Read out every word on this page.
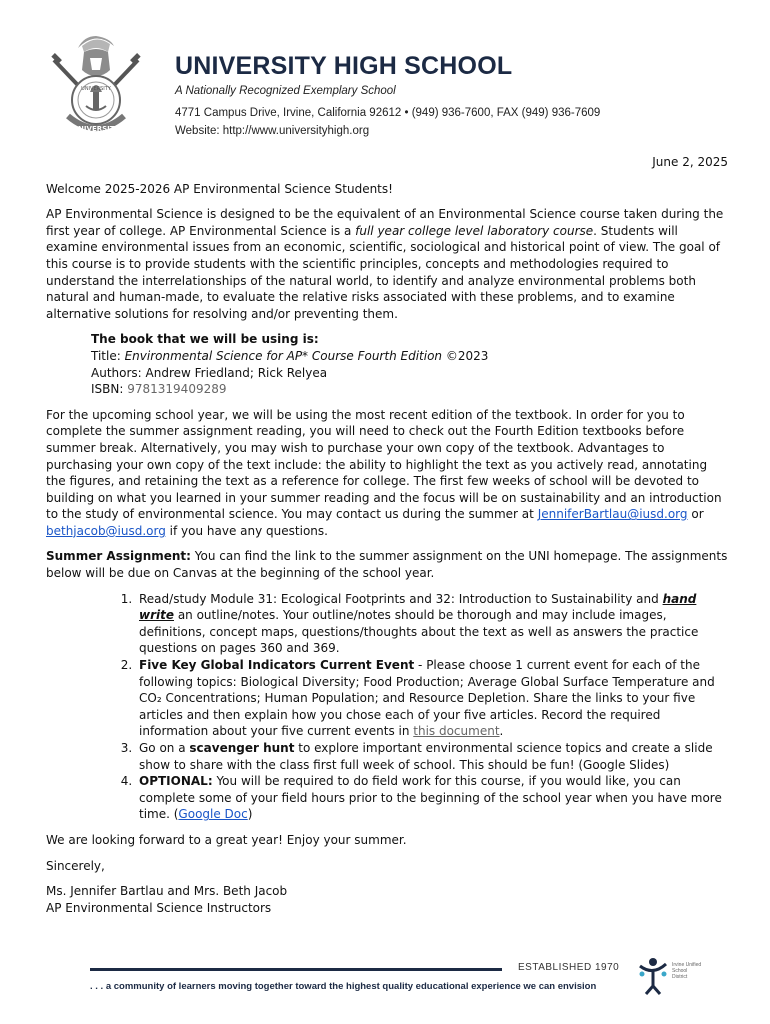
UNIVERSITY
UNIVERSITY
UNIVERSITY HIGH SCHOOL
A Nationally Recognized Exemplary School
4771 Campus Drive, Irvine, California 92612 • (949) 936-7600, FAX (949) 936-7609
Website: http://www.universityhigh.org
June 2, 2025

Welcome 2025-2026 AP Environmental Science Students!

AP Environmental Science is designed to be the equivalent of an Environmental Science course taken during the first year of college. AP Environmental Science is a full year college level laboratory course. Students will examine environmental issues from an economic, scientific, sociological and historical point of view. The goal of this course is to provide students with the scientific principles, concepts and methodologies required to understand the interrelationships of the natural world, to identify and analyze environmental problems both natural and human-made, to evaluate the relative risks associated with these problems, and to examine alternative solutions for resolving and/or preventing them.

The book that we will be using is:
Title: Environmental Science for AP* Course Fourth Edition ©2023
Authors: Andrew Friedland; Rick Relyea
ISBN: 9781319409289

For the upcoming school year, we will be using the most recent edition of the textbook. In order for you to complete the summer assignment reading, you will need to check out the Fourth Edition textbooks before summer break. Alternatively, you may wish to purchase your own copy of the textbook. Advantages to purchasing your own copy of the text include: the ability to highlight the text as you actively read, annotating the figures, and retaining the text as a reference for college. The first few weeks of school will be devoted to building on what you learned in your summer reading and the focus will be on sustainability and an introduction to the study of environmental science. You may contact us during the summer at JenniferBartlau@iusd.org or bethjacob@iusd.org if you have any questions.

Summer Assignment: You can find the link to the summer assignment on the UNI homepage. The assignments below will be due on Canvas at the beginning of the school year.

1. Read/study Module 31: Ecological Footprints and 32: Introduction to Sustainability and hand write an outline/notes. Your outline/notes should be thorough and may include images, definitions, concept maps, questions/thoughts about the text as well as answers the practice questions on pages 360 and 369.
2. Five Key Global Indicators Current Event - Please choose 1 current event for each of the following topics: Biological Diversity; Food Production; Average Global Surface Temperature and CO₂ Concentrations; Human Population; and Resource Depletion. Share the links to your five articles and then explain how you chose each of your five articles. Record the required information about your five current events in this document.
3. Go on a scavenger hunt to explore important environmental science topics and create a slide show to share with the class first full week of school. This should be fun! (Google Slides)
4. OPTIONAL: You will be required to do field work for this course, if you would like, you can complete some of your field hours prior to the beginning of the school year when you have more time. (Google Doc)

We are looking forward to a great year! Enjoy your summer.

Sincerely,

Ms. Jennifer Bartlau and Mrs. Beth Jacob
AP Environmental Science Instructors
ESTABLISHED 1970
. . . a community of learners moving together toward the highest quality educational experience we can envision
Irvine Unified School District
